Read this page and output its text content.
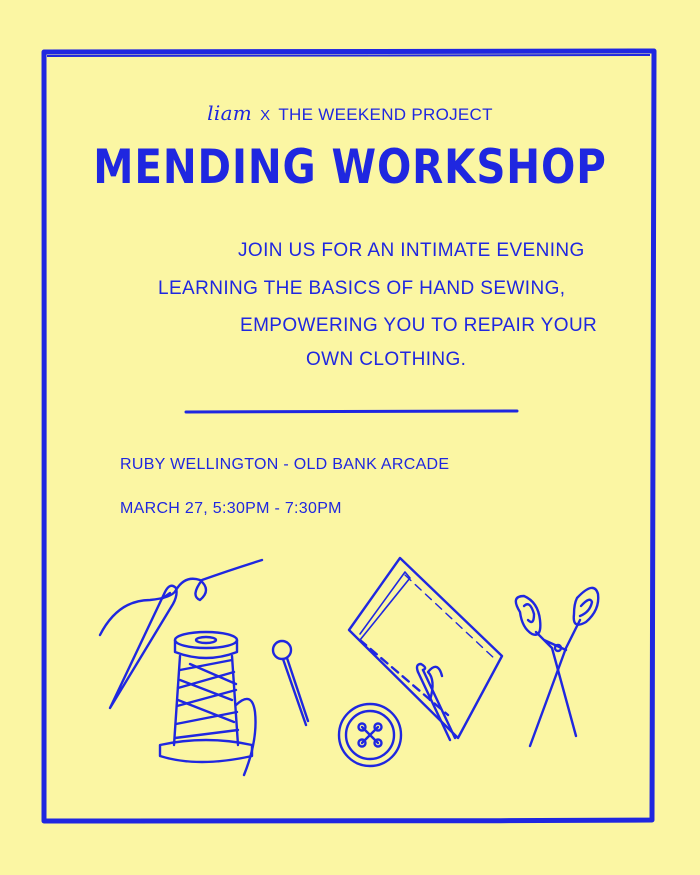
liam X THE WEEKEND PROJECT
MENDING WORKSHOP

JOIN US FOR AN INTIMATE EVENING

LEARNING THE BASICS OF HAND SEWING,

EMPOWERING YOU TO REPAIR YOUR

OWN CLOTHING.

RUBY WELLINGTON - OLD BANK ARCADE

MARCH 27, 5:30PM - 7:30PM
